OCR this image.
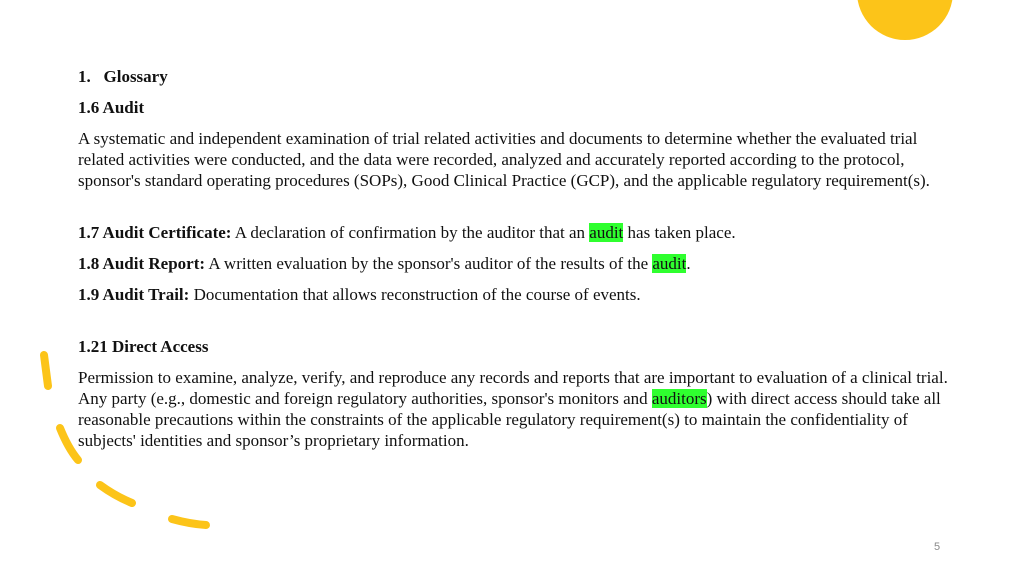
1. Glossary

1.6 Audit

A systematic and independent examination of trial related activities and documents to determine whether the evaluated trial related activities were conducted, and the data were recorded, analyzed and accurately reported according to the protocol, sponsor's standard operating procedures (SOPs), Good Clinical Practice (GCP), and the applicable regulatory requirement(s).

1.7 Audit Certificate: A declaration of confirmation by the auditor that an audit has taken place.

1.8 Audit Report: A written evaluation by the sponsor's auditor of the results of the audit.

1.9 Audit Trail: Documentation that allows reconstruction of the course of events.

1.21 Direct Access

Permission to examine, analyze, verify, and reproduce any records and reports that are important to evaluation of a clinical trial. Any party (e.g., domestic and foreign regulatory authorities, sponsor's monitors and auditors) with direct access should take all reasonable precautions within the constraints of the applicable regulatory requirement(s) to maintain the confidentiality of subjects' identities and sponsor’s proprietary information.

5
